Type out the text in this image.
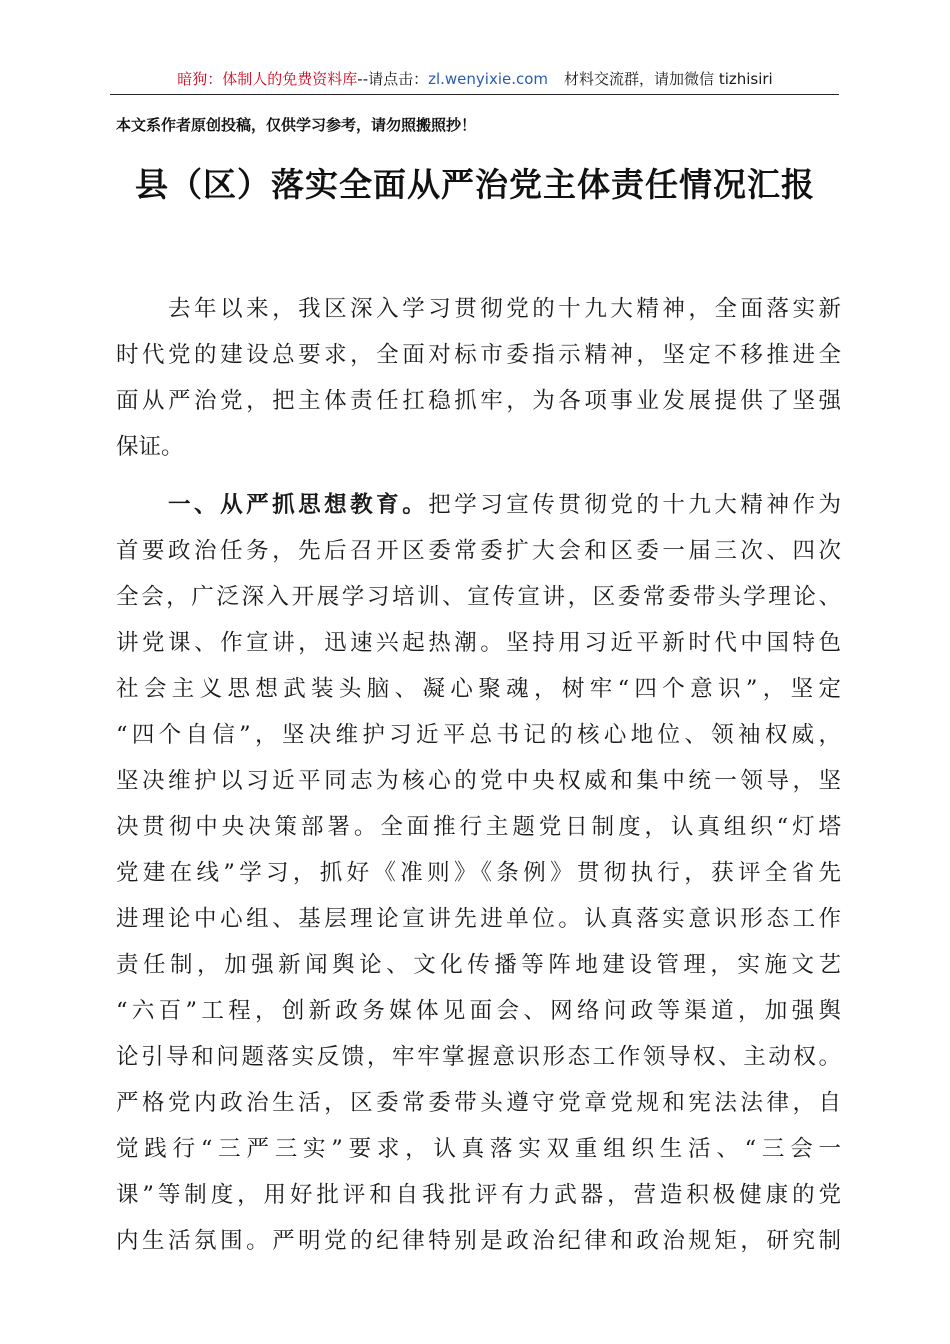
暗狗：体制人的免费资料库--请点击：zl.wenyixie.com 材料交流群，请加微信 tizhisiri
本文系作者原创投稿，仅供学习参考，请勿照搬照抄！
县（区）落实全面从严治党主体责任情况汇报
　　去年以来，我区深入学习贯彻党的十九大精神，全面落实新
时代党的建设总要求，全面对标市委指示精神，坚定不移推进全
面从严治党，把主体责任扛稳抓牢，为各项事业发展提供了坚强
保证。
　　一、从严抓思想教育。把学习宣传贯彻党的十九大精神作为
首要政治任务，先后召开区委常委扩大会和区委一届三次、四次
全会，广泛深入开展学习培训、宣传宣讲，区委常委带头学理论、
讲党课、作宣讲，迅速兴起热潮。坚持用习近平新时代中国特色
社会主义思想武装头脑、凝心聚魂，树牢“四个意识”，坚定
“四个自信”，坚决维护习近平总书记的核心地位、领袖权威，
坚决维护以习近平同志为核心的党中央权威和集中统一领导，坚
决贯彻中央决策部署。全面推行主题党日制度，认真组织“灯塔
党建在线”学习，抓好《准则》《条例》贯彻执行，获评全省先
进理论中心组、基层理论宣讲先进单位。认真落实意识形态工作
责任制，加强新闻舆论、文化传播等阵地建设管理，实施文艺
“六百”工程，创新政务媒体见面会、网络问政等渠道，加强舆
论引导和问题落实反馈，牢牢掌握意识形态工作领导权、主动权。
严格党内政治生活，区委常委带头遵守党章党规和宪法法律，自
觉践行“三严三实”要求，认真落实双重组织生活、“三会一
课”等制度，用好批评和自我批评有力武器，营造积极健康的党
内生活氛围。严明党的纪律特别是政治纪律和政治规矩，研究制
